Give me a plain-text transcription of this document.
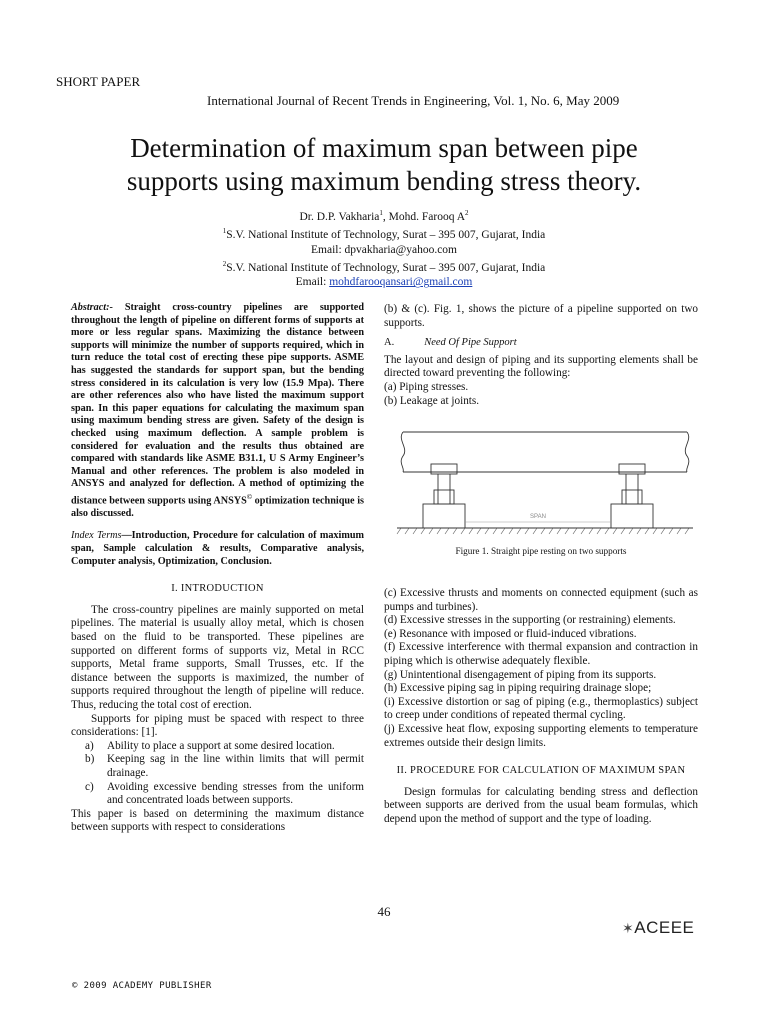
SHORT PAPER
International Journal of Recent Trends in Engineering, Vol. 1, No. 6, May 2009
Determination of maximum span between pipe
supports using maximum bending stress theory.
Dr. D.P. Vakharia$^1$, Mohd. Farooq $A^2$
$^1$S.V. National Institute of Technology, Surat – 395 007, Gujarat, India
Email: dpvakharia@yahoo.com
$^2$S.V. National Institute of Technology, Surat – 395 007, Gujarat, India
Email: mohdfarooqansari@gmail.com

Abstract:- Straight cross-country pipelines are supported throughout the length of pipeline on different forms of supports at more or less regular spans. Maximizing the distance between supports will minimize the number of supports required, which in turn reduce the total cost of erecting these pipe supports. ASME has suggested the standards for support span, but the bending stress considered in its calculation is very low (15.9 Mpa). There are other references also who have listed the maximum support span. In this paper equations for calculating the maximum span using maximum bending stress are given. Safety of the design is checked using maximum deflection. A sample problem is considered for evaluation and the results thus obtained are compared with standards like ASME B31.1, U S Army Engineer’s Manual and other references. The problem is also modeled in ANSYS and analyzed for deflection. A method of optimizing the distance between supports using ANSYS© optimization technique is also discussed.

Index Terms—Introduction, Procedure for calculation of maximum span, Sample calculation & results, Comparative analysis, Computer analysis, Optimization, Conclusion.

I. INTRODUCTION

The cross-country pipelines are mainly supported on metal pipelines. The material is usually alloy metal, which is chosen based on the fluid to be transported. These pipelines are supported on different forms of supports viz, Metal in RCC supports, Metal frame supports, Small Trusses, etc. If the distance between the supports is maximized, the number of supports required throughout the length of pipeline will reduce. Thus, reducing the total cost of erection.

Supports for piping must be spaced with respect to three considerations: [1].

a)	Ability to place a support at some desired location.
b)	Keeping sag in the line within limits that will permit drainage.
c)	Avoiding excessive bending stresses from the uniform and concentrated loads between supports.

This paper is based on determining the maximum distance between supports with respect to considerations

(b) & (c). Fig. 1, shows the picture of a pipeline supported on two supports.

A.	Need Of Pipe Support

The layout and design of piping and its supporting elements shall be directed toward preventing the following:

(a) Piping stresses.

(b) Leakage at joints.

SPAN
Figure 1. Straight pipe resting on two supports

(c) Excessive thrusts and moments on connected equipment (such as pumps and turbines).

(d) Excessive stresses in the supporting (or restraining) elements.

(e) Resonance with imposed or fluid-induced vibrations.

(f) Excessive interference with thermal expansion and contraction in piping which is otherwise adequately flexible.

(g) Unintentional disengagement of piping from its supports.

(h) Excessive piping sag in piping requiring drainage slope;

(i) Excessive distortion or sag of piping (e.g., thermoplastics) subject to creep under conditions of repeated thermal cycling.

(j) Excessive heat flow, exposing supporting elements to temperature extremes outside their design limits.

II. PROCEDURE FOR CALCULATION OF MAXIMUM SPAN

Design formulas for calculating bending stress and deflection between supports are derived from the usual beam formulas, which depend upon the method of support and the type of loading.

46
✶ACEEE
© 2009 ACADEMY PUBLISHER
